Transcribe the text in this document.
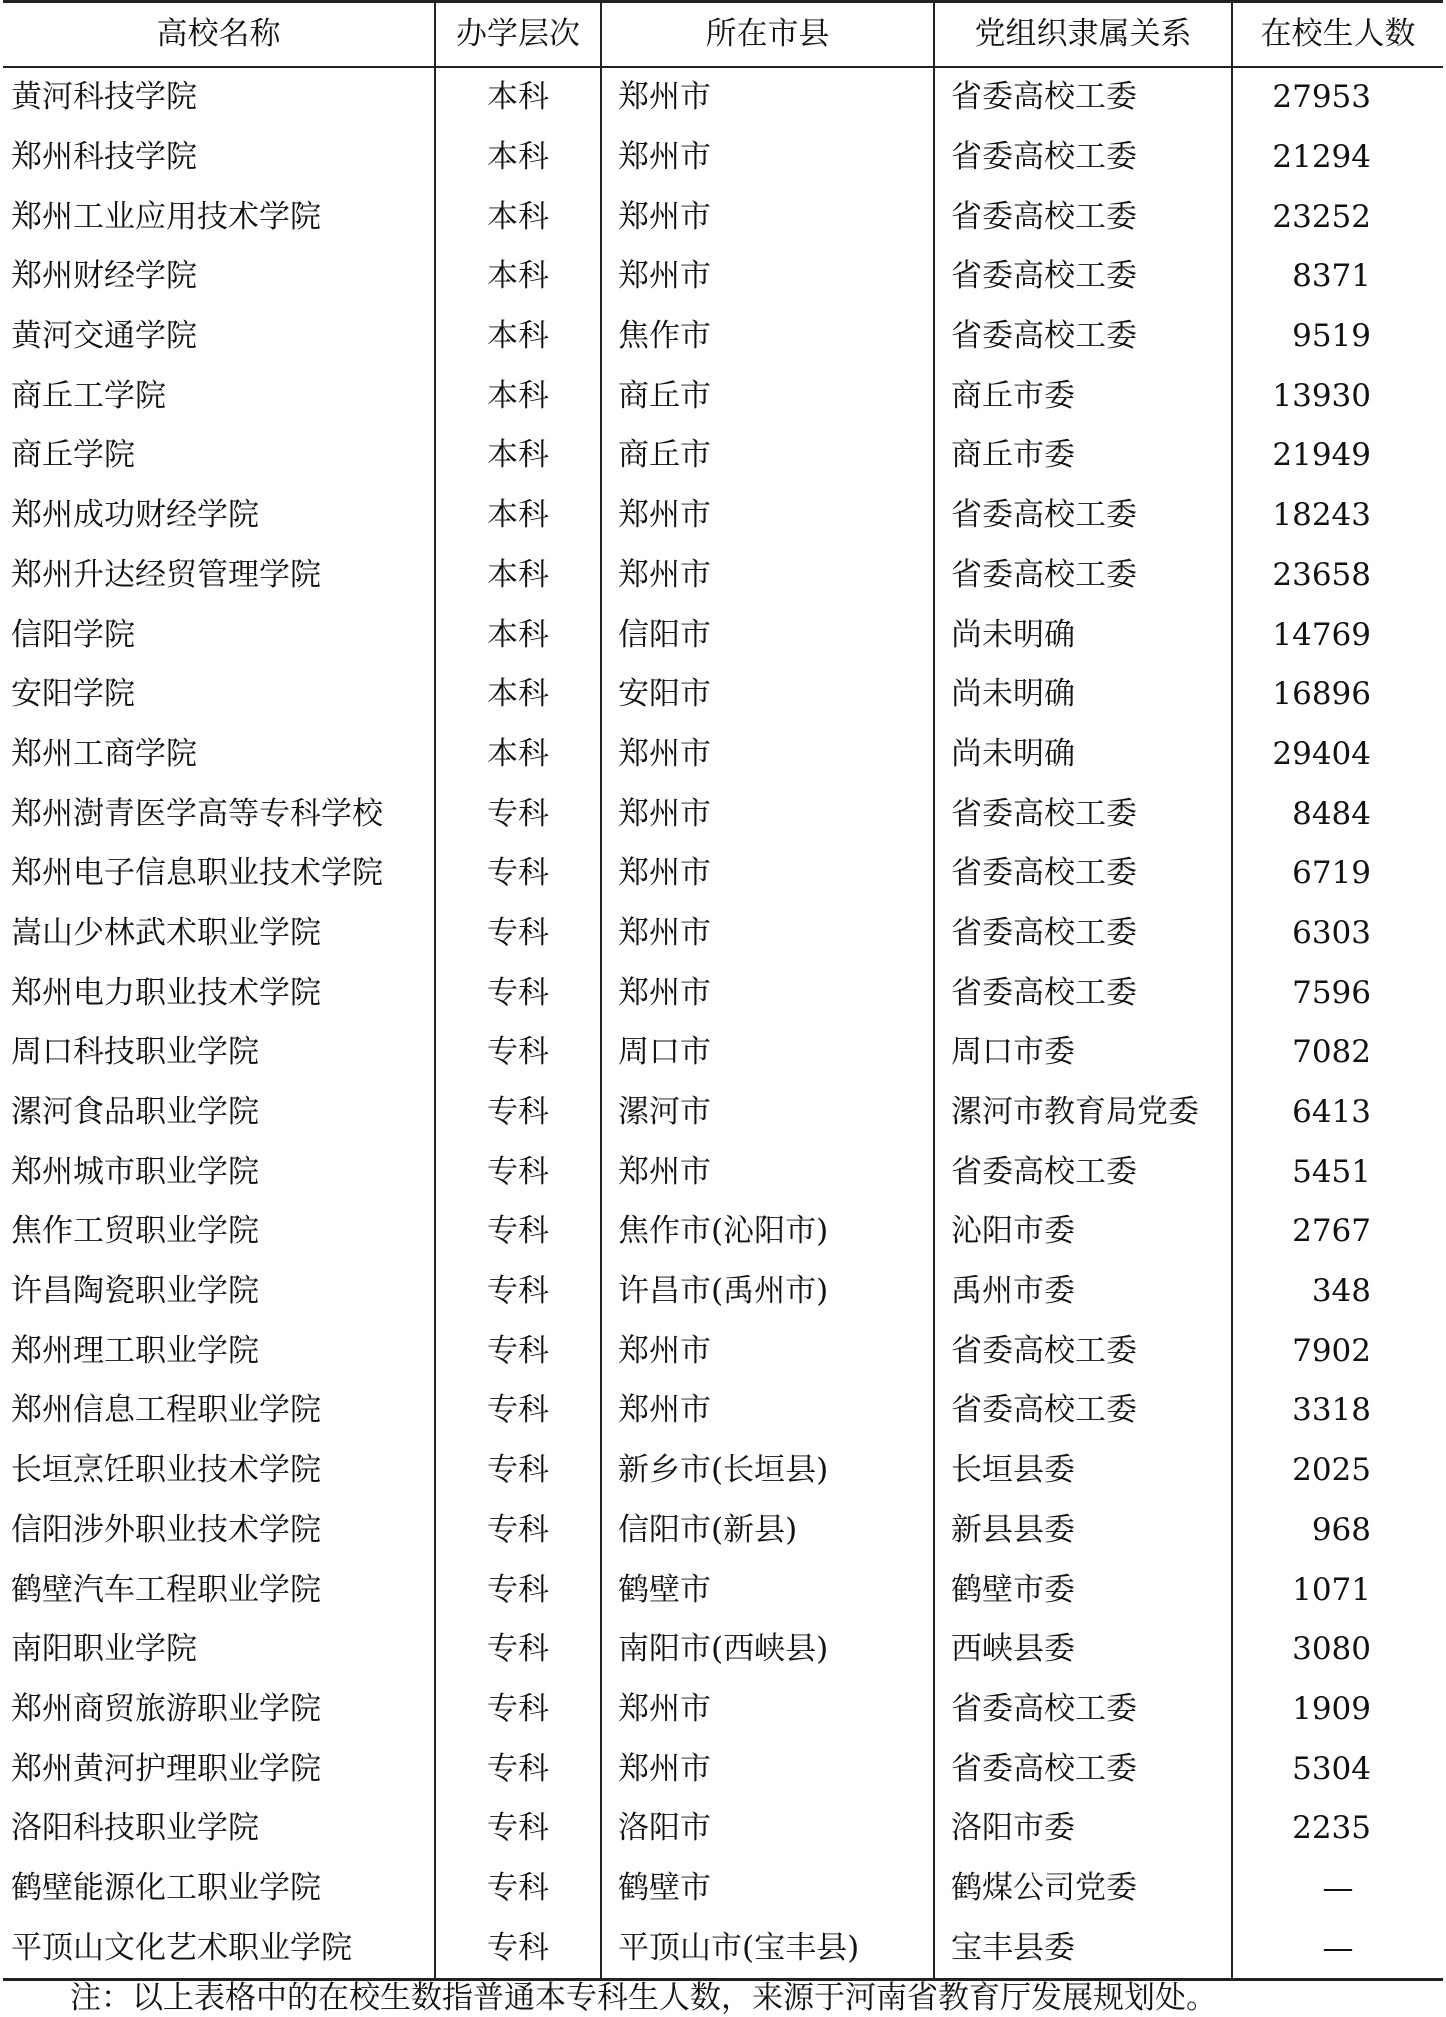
高校名称	办学层次	所在市县	党组织隶属关系	在校生人数
黄河科技学院	本科	郑州市	省委高校工委	27953
郑州科技学院	本科	郑州市	省委高校工委	21294
郑州工业应用技术学院	本科	郑州市	省委高校工委	23252
郑州财经学院	本科	郑州市	省委高校工委	8371
黄河交通学院	本科	焦作市	省委高校工委	9519
商丘工学院	本科	商丘市	商丘市委	13930
商丘学院	本科	商丘市	商丘市委	21949
郑州成功财经学院	本科	郑州市	省委高校工委	18243
郑州升达经贸管理学院	本科	郑州市	省委高校工委	23658
信阳学院	本科	信阳市	尚未明确	14769
安阳学院	本科	安阳市	尚未明确	16896
郑州工商学院	本科	郑州市	尚未明确	29404
郑州澍青医学高等专科学校	专科	郑州市	省委高校工委	8484
郑州电子信息职业技术学院	专科	郑州市	省委高校工委	6719
嵩山少林武术职业学院	专科	郑州市	省委高校工委	6303
郑州电力职业技术学院	专科	郑州市	省委高校工委	7596
周口科技职业学院	专科	周口市	周口市委	7082
漯河食品职业学院	专科	漯河市	漯河市教育局党委	6413
郑州城市职业学院	专科	郑州市	省委高校工委	5451
焦作工贸职业学院	专科	焦作市(沁阳市)	沁阳市委	2767
许昌陶瓷职业学院	专科	许昌市(禹州市)	禹州市委	348
郑州理工职业学院	专科	郑州市	省委高校工委	7902
郑州信息工程职业学院	专科	郑州市	省委高校工委	3318
长垣烹饪职业技术学院	专科	新乡市(长垣县)	长垣县委	2025
信阳涉外职业技术学院	专科	信阳市(新县)	新县县委	968
鹤壁汽车工程职业学院	专科	鹤壁市	鹤壁市委	1071
南阳职业学院	专科	南阳市(西峡县)	西峡县委	3080
郑州商贸旅游职业学院	专科	郑州市	省委高校工委	1909
郑州黄河护理职业学院	专科	郑州市	省委高校工委	5304
洛阳科技职业学院	专科	洛阳市	洛阳市委	2235
鹤壁能源化工职业学院	专科	鹤壁市	鹤煤公司党委	—
平顶山文化艺术职业学院	专科	平顶山市(宝丰县)	宝丰县委	—
注：以上表格中的在校生数指普通本专科生人数，来源于河南省教育厅发展规划处。
